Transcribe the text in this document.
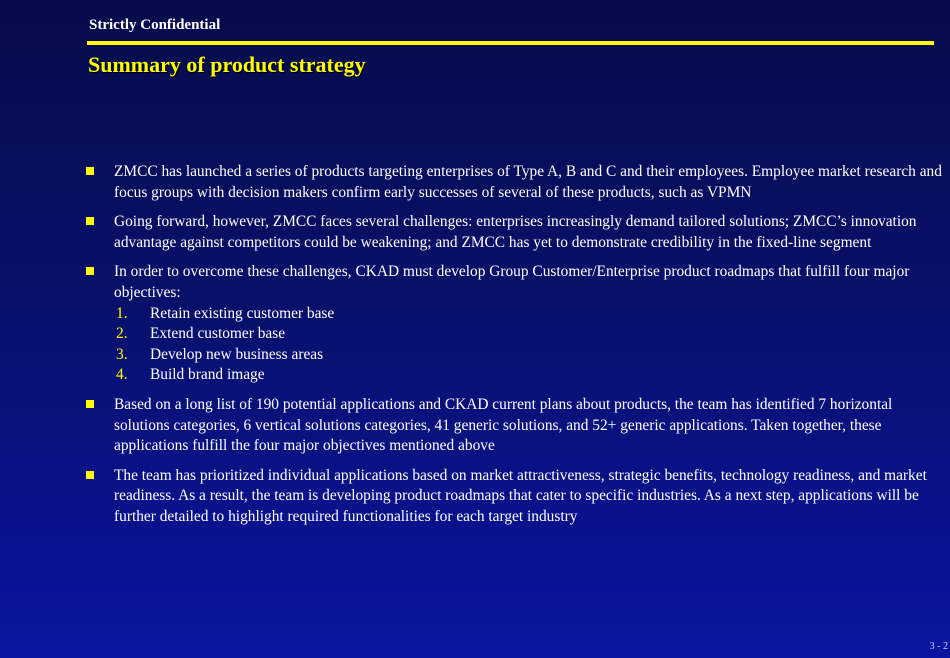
Strictly Confidential
Summary of product strategy
ZMCC has launched a series of products targeting enterprises of Type A, B and C and their employees. Employee market research and focus groups with decision makers confirm early successes of several of these products, such as VPMN
Going forward, however, ZMCC faces several challenges: enterprises increasingly demand tailored solutions; ZMCC’s innovation advantage against competitors could be weakening; and ZMCC has yet to demonstrate credibility in the fixed-line segment
In order to overcome these challenges, CKAD must develop Group Customer/Enterprise product roadmaps that fulfill four major objectives:
1. Retain existing customer base
2. Extend customer base
3. Develop new business areas
4. Build brand image
Based on a long list of 190 potential applications and CKAD current plans about products, the team has identified 7 horizontal solutions categories, 6 vertical solutions categories, 41 generic solutions, and 52+ generic applications. Taken together, these applications fulfill the four major objectives mentioned above
The team has prioritized individual applications based on market attractiveness, strategic benefits, technology readiness, and market readiness. As a result, the team is developing product roadmaps that cater to specific industries. As a next step, applications will be further detailed to highlight required functionalities for each target industry
3 - 2
